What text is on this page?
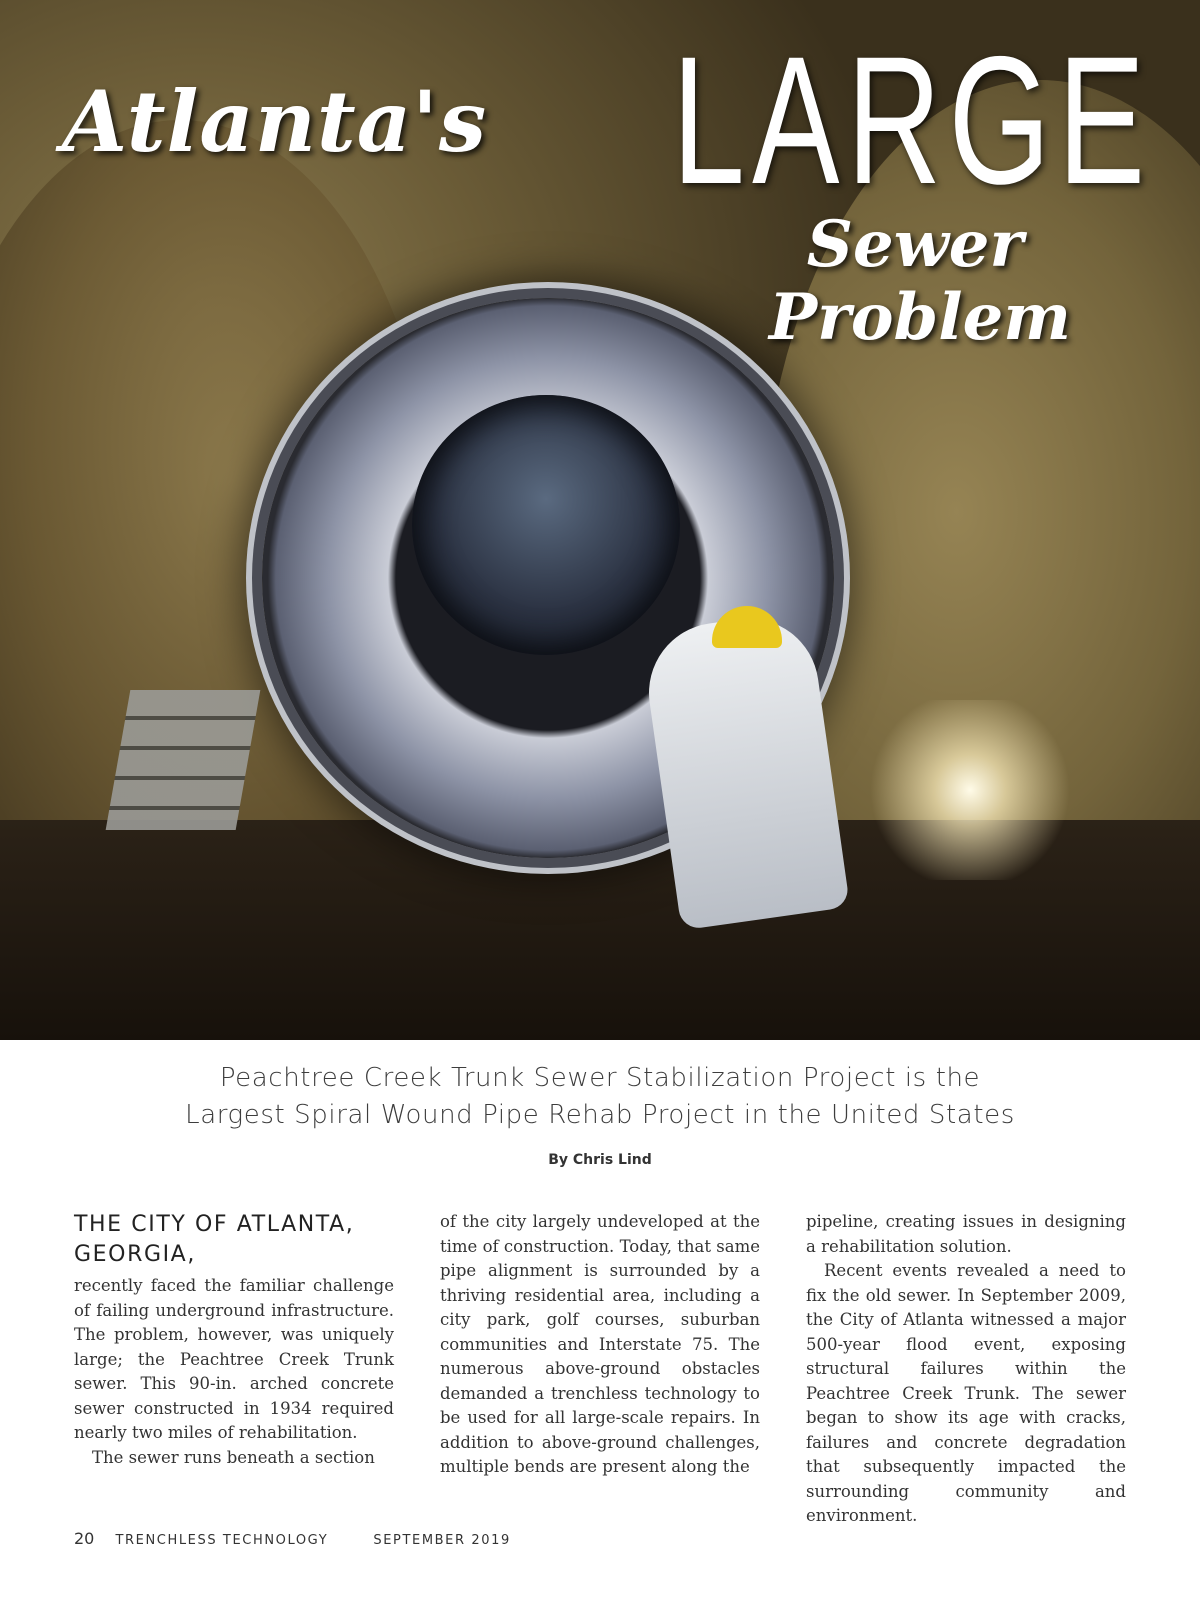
Atlanta's	LARGE
Sewer
Problem
Peachtree Creek Trunk Sewer Stabilization Project is the
Largest Spiral Wound Pipe Rehab Project in the United States
By Chris Lind
THE CITY OF ATLANTA, GEORGIA,

recently faced the familiar challenge of failing underground infrastructure. The problem, however, was uniquely large; the Peachtree Creek Trunk sewer. This 90-in. arched concrete sewer constructed in 1934 required nearly two miles of rehabilitation.

The sewer runs beneath a section

of the city largely undeveloped at the time of construction. Today, that same pipe alignment is surrounded by a thriving residential area, including a city park, golf courses, suburban communities and Interstate 75. The numerous above-ground obstacles demanded a trenchless technology to be used for all large-scale repairs. In addition to above-ground challenges, multiple bends are present along the

pipeline, creating issues in designing a rehabilitation solution.

Recent events revealed a need to fix the old sewer. In September 2009, the City of Atlanta witnessed a major 500-year flood event, exposing structural failures within the Peachtree Creek Trunk. The sewer began to show its age with cracks, failures and concrete degradation that subsequently impacted the surrounding community and environment.

20 TRENCHLESS TECHNOLOGY	SEPTEMBER 2019
